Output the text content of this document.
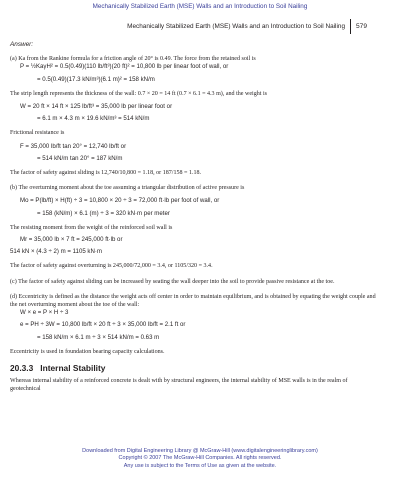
Mechanically Stabilized Earth (MSE) Walls and an Introduction to Soil Nailing
Mechanically Stabilized Earth (MSE) Walls and an Introduction to Soil Nailing 579

Answer:

(a) Ka from the Rankine formula for a friction angle of 20° is 0.49. The force from the retained soil is

P = ½KaγH² = 0.5(0.49)(110 lb/ft³)(20 ft)² = 10,800 lb per linear foot of wall, or

= 0.5(0.49)(17.3 kN/m³)(6.1 m)² = 158 kN/m

The strip length represents the thickness of the wall: 0.7 × 20 = 14 ft (0.7 × 6.1 = 4.3 m), and the weight is

W = 20 ft × 14 ft × 125 lb/ft³ = 35,000 lb per linear foot or

= 6.1 m × 4.3 m × 19.6 kN/m³ = 514 kN/m

Frictional resistance is

F = 35,000 lb/ft tan 20° = 12,740 lb/ft or

= 514 kN/m tan 20° = 187 kN/m

The factor of safety against sliding is 12,740/10,800 = 1.18, or 187/158 = 1.18.

(b) The overturning moment about the toe assuming a triangular distribution of active pressure is

Mo = P(lb/ft) × H(ft) ÷ 3 = 10,800 × 20 ÷ 3 = 72,000 ft·lb per foot of wall, or

= 158 (kN/m) × 6.1 (m) ÷ 3 = 320 kN·m per meter

The resisting moment from the weight of the reinforced soil wall is

Mr = 35,000 lb × 7 ft = 245,000 ft·lb or

514 kN × (4.3 ÷ 2) m = 1105 kN·m

The factor of safety against overturning is 245,000/72,000 = 3.4, or 1105/320 = 3.4.

(c) The factor of safety against sliding can be increased by seating the wall deeper into the soil to provide passive resistance at the toe.

(d) Eccentricity is defined as the distance the weight acts off center in order to maintain equilibrium, and is obtained by equating the weight couple and the net overturning moment about the toe of the wall:

W × e = P × H ÷ 3

e = PH ÷ 3W = 10,800 lb/ft × 20 ft ÷ 3 × 35,000 lb/ft = 2.1 ft or

= 158 kN/m × 6.1 m ÷ 3 × 514 kN/m = 0.63 m

Eccentricity is used in foundation bearing capacity calculations.

20.3.3 Internal Stability

Whereas internal stability of a reinforced concrete is dealt with by structural engineers, the internal stability of MSE walls is in the realm of geotechnical

Downloaded from Digital Engineering Library @ McGraw-Hill (www.digitalengineeringlibrary.com)
Copyright © 2007 The McGraw-Hill Companies. All rights reserved.
Any use is subject to the Terms of Use as given at the website.
